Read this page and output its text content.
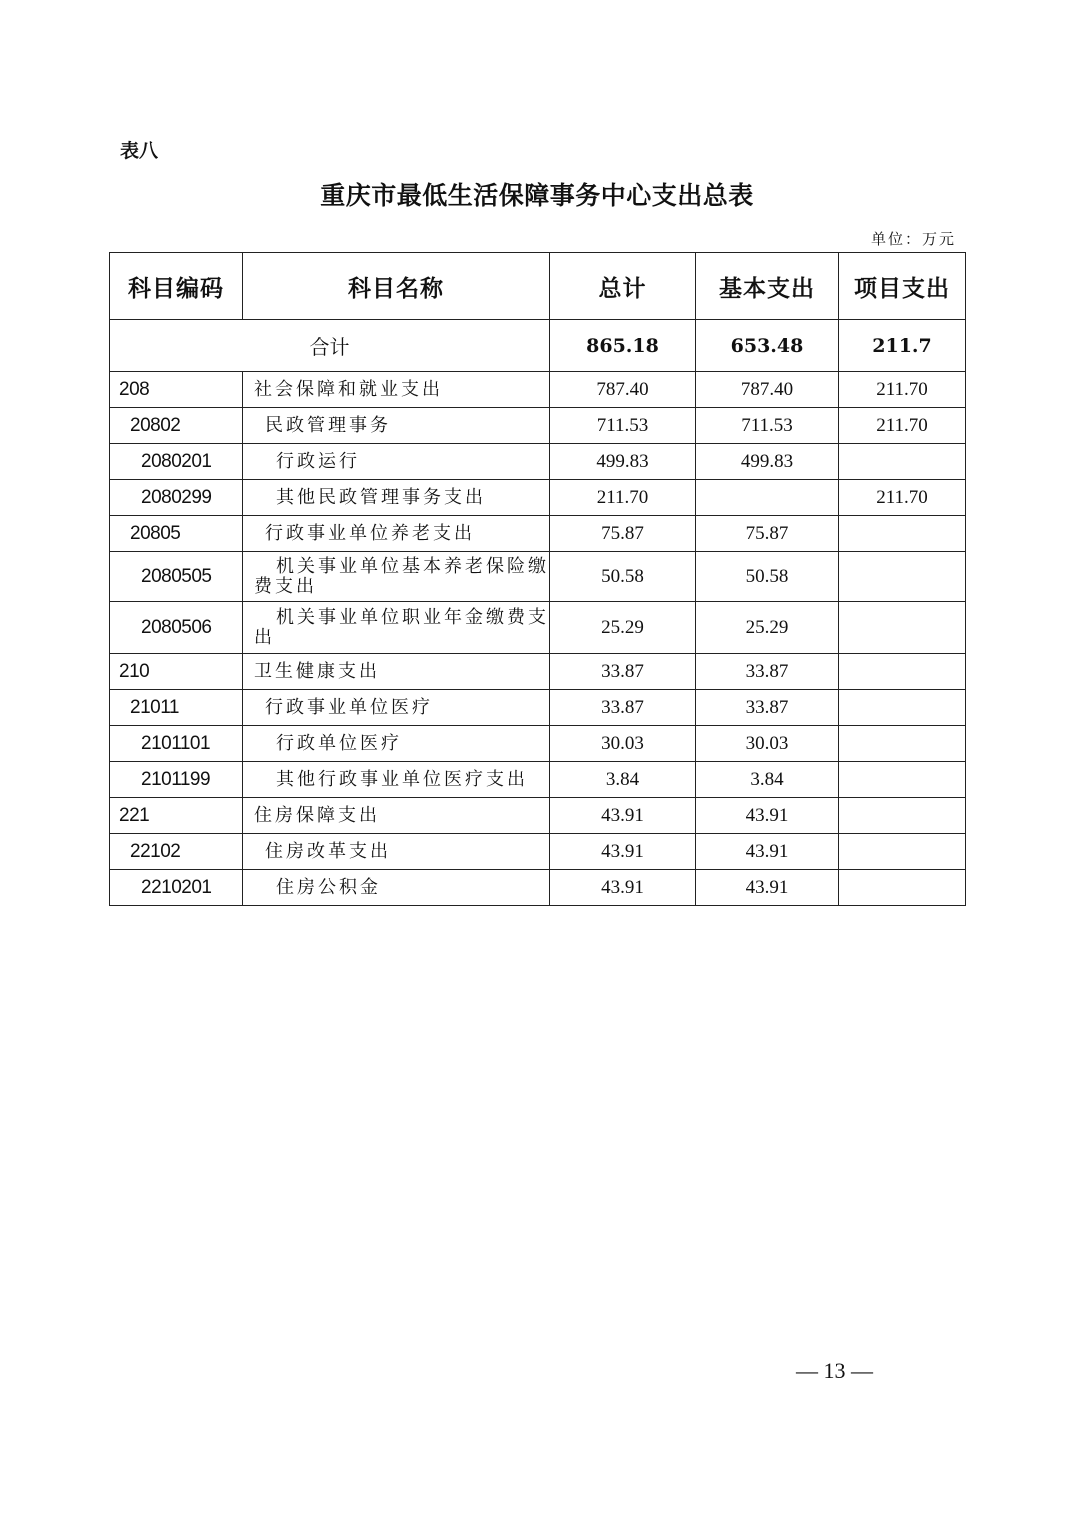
表八
重庆市最低生活保障事务中心支出总表
单位：万元
科目编码	科目名称	总计	基本支出	项目支出
合计		865.18	653.48	211.7
208	社会保障和就业支出	787.40	787.40	211.70
20802	民政管理事务	711.53	711.53	211.70
2080201	行政运行	499.83	499.83	
2080299	其他民政管理事务支出	211.70		211.70
20805	行政事业单位养老支出	75.87	75.87	
2080505	机关事业单位基本养老保险缴费支出	50.58	50.58	
2080506	机关事业单位职业年金缴费支出	25.29	25.29	
210	卫生健康支出	33.87	33.87	
21011	行政事业单位医疗	33.87	33.87	
2101101	行政单位医疗	30.03	30.03	
2101199	其他行政事业单位医疗支出	3.84	3.84	
221	住房保障支出	43.91	43.91	
22102	住房改革支出	43.91	43.91	
2210201	住房公积金	43.91	43.91	
— 13 —
